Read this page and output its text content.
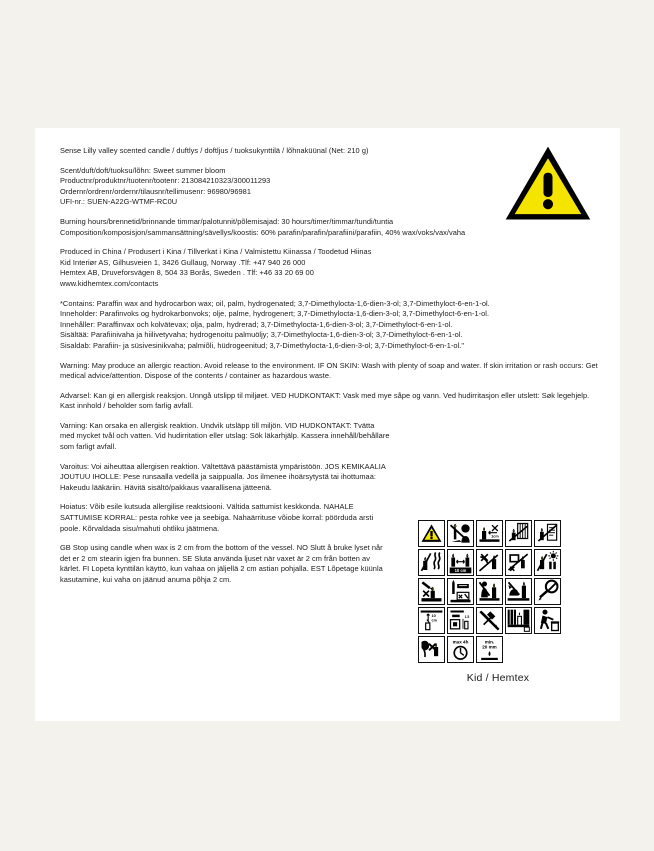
Sense Lilly valley scented candle / duftlys / doftljus / tuoksukynttilä / lõhnaküünal (Net: 210 g)

Scent/duft/doft/tuoksu/lõhn: Sweet summer bloom

Productnr/produktnr/tuotenr/tootenr: 213084210323/300011293

Ordernr/ordrenr/ordernr/tilausnr/tellimusenr: 96980/96981

UFI-nr.: SUEN-A22G-WTMF-RC0U

Burning hours/brennetid/brinnande timmar/palotunnit/põlemisajad: 30 hours/timer/timmar/tundi/tuntia

Composition/komposisjon/sammansättning/sävellys/koostis: 60% parafin/parafin/parafiini/parafiin, 40% wax/voks/vax/vaha

Produced in China / Produsert i Kina / Tillverkat i Kina / Valmistettu Kiinassa / Toodetud Hiinas

Kid Interiør AS, Gilhusveien 1, 3426 Gullaug, Norway .Tlf: +47 940 26 000

Hemtex AB, Druveforsvägen 8, 504 33 Borås, Sweden . Tlf: +46 33 20 69 00

www.kidhemtex.com/contacts

*Contains: Paraffin wax and hydrocarbon wax; oil, palm, hydrogenated; 3,7-Dimethylocta-1,6-dien-3-ol; 3,7-Dimethyloct-6-en-1-ol.

Inneholder: Parafinvoks og hydrokarbonvoks; olje, palme, hydrogenert; 3,7-Dimethylocta-1,6-dien-3-ol; 3,7-Dimethyloct-6-en-1-ol.

Innehåller: Paraffinvax och kolvätevax; olja, palm, hydrerad; 3,7-Dimethylocta-1,6-dien-3-ol; 3,7-Dimethyloct-6-en-1-ol.

Sisältää: Parafiinivaha ja hiilivetyvaha; hydrogenoitu palmuöljy; 3,7-Dimethylocta-1,6-dien-3-ol; 3,7-Dimethyloct-6-en-1-ol.

Sisaldab: Parafiin- ja süsivesinikvaha; palmiõli, hüdrogeenitud; 3,7-Dimethylocta-1,6-dien-3-ol; 3,7-Dimethyloct-6-en-1-ol."

Warning: May produce an allergic reaction. Avoid release to the environment. IF ON SKIN: Wash with plenty of soap and water. If skin irritation or rash occurs: Get medical advice/attention. Dispose of the contents / container as hazardous waste.
Advarsel: Kan gi en allergisk reaksjon. Unngå utslipp til miljøet. VED HUDKONTAKT: Vask med mye såpe og vann. Ved hudirritasjon eller utslett: Søk legehjelp. Kast innhold / beholder som farlig avfall.
Varning: Kan orsaka en allergisk reaktion. Undvik utsläpp till miljön. VID HUDKONTAKT: Tvätta med mycket tvål och vatten. Vid hudirritation eller utslag: Sök läkarhjälp. Kassera innehåll/behållare som farligt avfall.
Varoitus: Voi aiheuttaa allergisen reaktion. Vältettävä päästämistä ympäristöön. JOS KEMIKAALIA JOUTUU IHOLLE: Pese runsaalla vedellä ja saippualla. Jos ilmenee ihoärsytystä tai ihottumaa: Hakeudu lääkäriin. Hävitä sisältö/pakkaus vaarallisena jätteenä.
Hoiatus: Võib esile kutsuda allergilise reaktsiooni. Vältida sattumist keskkonda. NAHALE SATTUMISE KORRAL: pesta rohke vee ja seebiga. Nahaärrituse võiobe korral: pöörduda arsti poole. Kõrvaldada sisu/mahuti ohtliku jäätmena.
GB Stop using candle when wax is 2 cm from the bottom of the vessel. NO Slutt å bruke lyset når det er 2 cm stearin igjen fra bunnen. SE Sluta använda ljuset när vaxet är 2 cm från botten av kärlet. FI Lopeta kynttilän käyttö, kun vahaa on jäljellä 2 cm astian pohjalla. EST Lõpetage küünla kasutamine, kui vaha on jäänud anuma põhja 2 cm.
1cm
10 cm
10
cm
1.5
max 4h	min.
20 mm
Kid / Hemtex
